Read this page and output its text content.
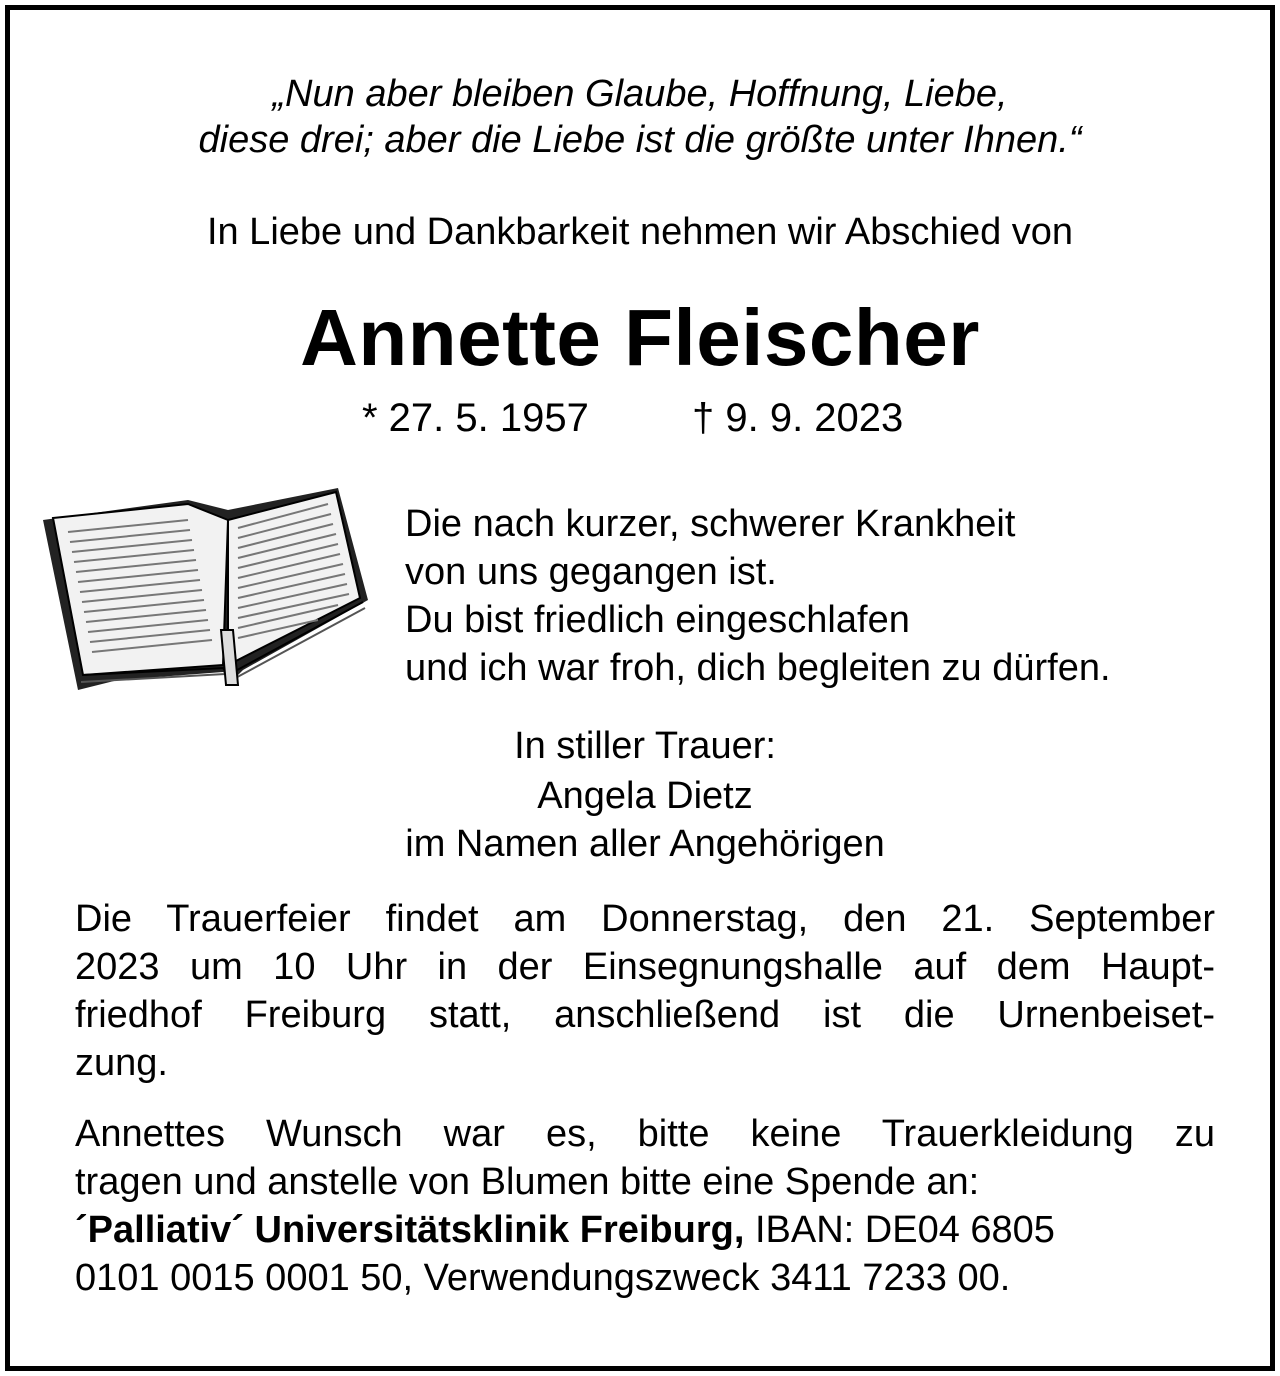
„Nun aber bleiben Glaube, Hoffnung, Liebe,
diese drei; aber die Liebe ist die größte unter Ihnen.“
In Liebe und Dankbarkeit nehmen wir Abschied von
Annette Fleischer
* 27. 5. 1957	† 9. 9. 2023
Die nach kurzer, schwerer Krankheit
von uns gegangen ist.
Du bist friedlich eingeschlafen
und ich war froh, dich begleiten zu dürfen.
In stiller Trauer:
Angela Dietz
im Namen aller Angehörigen
Die Trauerfeier findet am Donnerstag, den 21. September
2023 um 10 Uhr in der Einsegnungshalle auf dem Haupt-
friedhof Freiburg statt, anschließend ist die Urnenbeiset-
zung.
Annettes Wunsch war es, bitte keine Trauerkleidung zu
tragen und anstelle von Blumen bitte eine Spende an:
´Palliativ´ Universitätsklinik Freiburg, IBAN: DE04 6805
0101 0015 0001 50, Verwendungszweck 3411 7233 00.
